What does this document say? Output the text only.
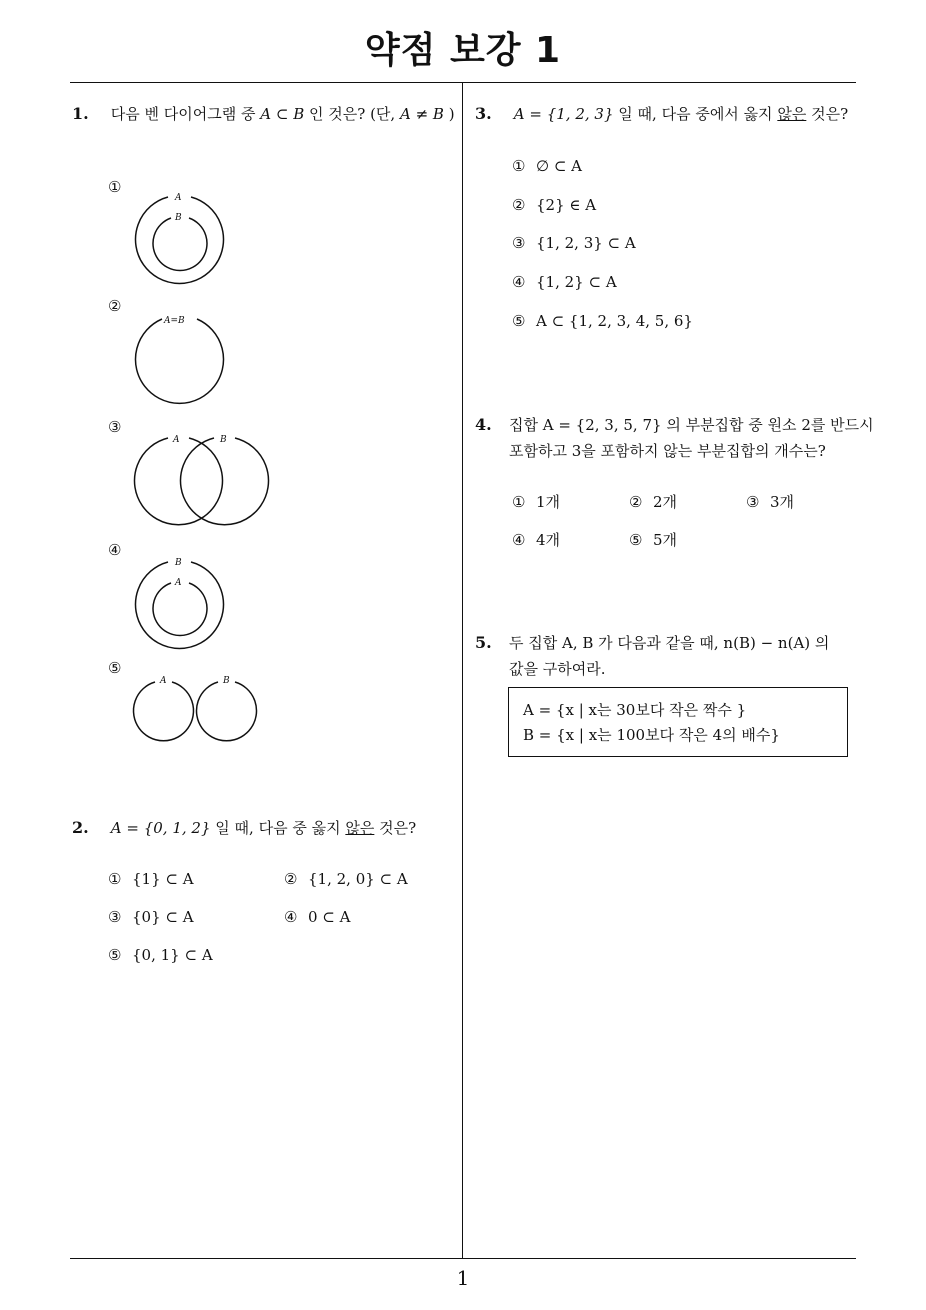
약점 보강 1
1
1. 다음 벤 다이어그램 중 A ⊂ B 인 것은? (단, A ≠ B )
①
②
③
④
⑤
A
B
A=B
A	B
B
A
A	B
2. A = {0, 1, 2} 일 때, 다음 중 옳지 않은 것은?
① {1} ⊂ A	② {1, 2, 0} ⊂ A
③ {0} ⊂ A	④ 0 ⊂ A
⑤ {0, 1} ⊂ A
3. A = {1, 2, 3} 일 때, 다음 중에서 옳지 않은 것은?
① ∅ ⊂ A
② {2} ∈ A
③ {1, 2, 3} ⊂ A
④ {1, 2} ⊂ A
⑤ A ⊂ {1, 2, 3, 4, 5, 6}
4. 집합 A = {2, 3, 5, 7} 의 부분집합 중 원소 2를 반드시
포함하고 3을 포함하지 않는 부분집합의 개수는?
① 1개	② 2개	③ 3개
④ 4개	⑤ 5개
5. 두 집합 A, B 가 다음과 같을 때, n(B) − n(A) 의
값을 구하여라.
A = {x | x는 30보다 작은 짝수 }
B = {x | x는 100보다 작은 4의 배수}
